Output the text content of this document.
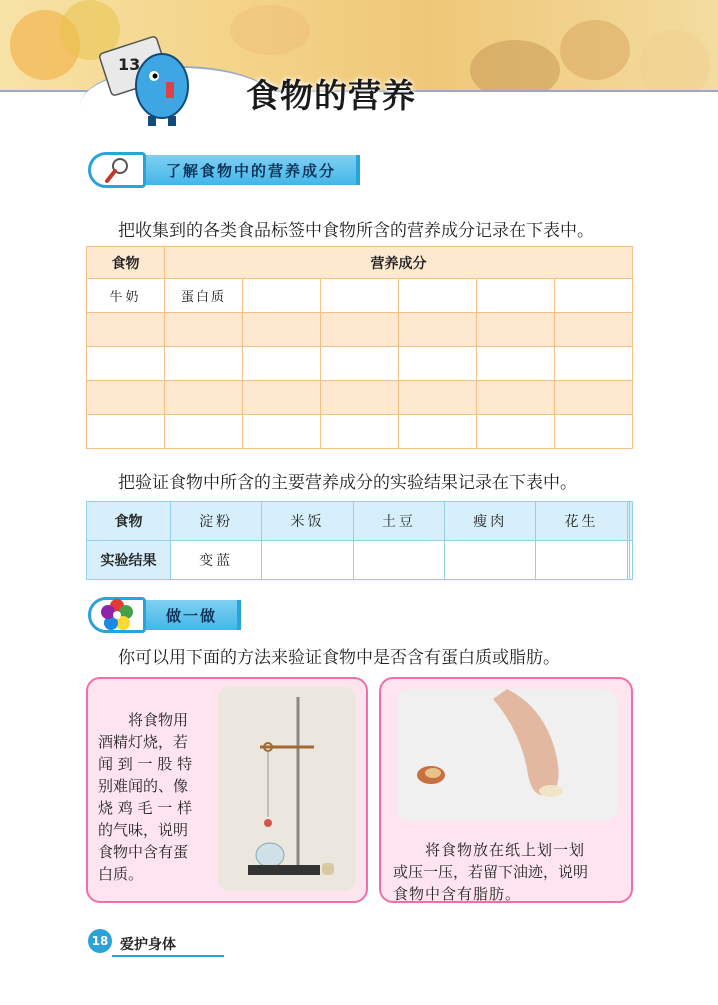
13
食物的营养
了解食物中的营养成分
把收集到的各类食品标签中食物所含的营养成分记录在下表中。
食物	营养成分					
牛奶	蛋白质					

把验证食物中所含的主要营养成分的实验结果记录在下表中。
食物	淀粉	米饭	土豆	瘦肉	花生		
实验结果	变蓝						
做一做
你可以用下面的方法来验证食物中是否含有蛋白质或脂肪。
将食物用
酒精灯烧，若
闻 到 一 股 特
别难闻的、像
烧 鸡 毛 一 样
的气味，说明
食物中含有蛋
白质。
将食物放在纸上划一划
或压一压，若留下油迹，说明
食物中含有脂肪。
18 爱护身体
